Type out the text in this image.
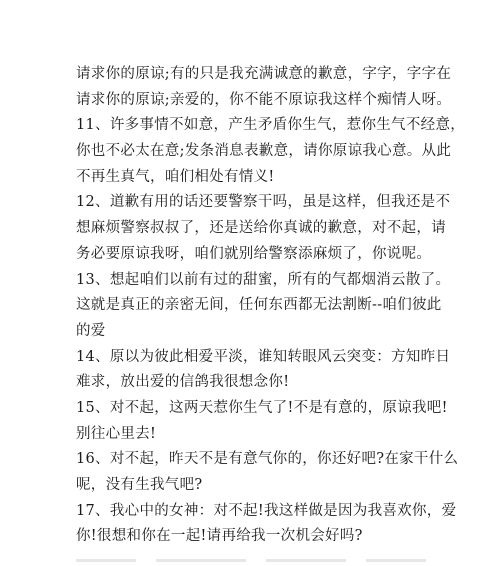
请求你的原谅;有的只是我充满诚意的歉意，字字，字字在
请求你的原谅;亲爱的，你不能不原谅我这样个痴情人呀。
11、许多事情不如意，产生矛盾你生气，惹你生气不经意，
你也不必太在意;发条消息表歉意，请你原谅我心意。从此
不再生真气，咱们相处有情义!
12、道歉有用的话还要警察干吗，虽是这样，但我还是不
想麻烦警察叔叔了，还是送给你真诚的歉意，对不起，请
务必要原谅我呀，咱们就别给警察添麻烦了，你说呢。
13、想起咱们以前有过的甜蜜，所有的气都烟消云散了。
这就是真正的亲密无间，任何东西都无法割断--咱们彼此
的爱
14、原以为彼此相爱平淡，谁知转眼风云突变：方知昨日
难求，放出爱的信鸽我很想念你!
15、对不起，这两天惹你生气了!不是有意的，原谅我吧!
别往心里去!
16、对不起，昨天不是有意气你的，你还好吧?在家干什么
呢，没有生我气吧?
17、我心中的女神：对不起!我这样做是因为我喜欢你，爱
你!很想和你在一起!请再给我一次机会好吗?
